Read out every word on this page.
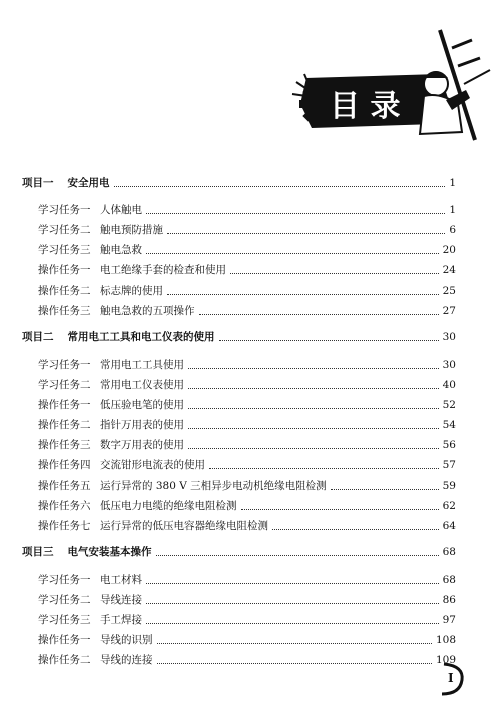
目 录
项目一 安全用电	1
学习任务一 人体触电	1
学习任务二 触电预防措施	6
学习任务三 触电急救	20
操作任务一 电工绝缘手套的检查和使用	24
操作任务二 标志牌的使用	25
操作任务三 触电急救的五项操作	27
项目二 常用电工工具和电工仪表的使用	30
学习任务一 常用电工工具使用	30
学习任务二 常用电工仪表使用	40
操作任务一 低压验电笔的使用	52
操作任务二 指针万用表的使用	54
操作任务三 数字万用表的使用	56
操作任务四 交流钳形电流表的使用	57
操作任务五 运行异常的 380 V 三相异步电动机绝缘电阻检测	59
操作任务六 低压电力电缆的绝缘电阻检测	62
操作任务七 运行异常的低压电容器绝缘电阻检测	64
项目三 电气安装基本操作	68
学习任务一 电工材料	68
学习任务二 导线连接	86
学习任务三 手工焊接	97
操作任务一 导线的识别	108
操作任务二 导线的连接	109
I
